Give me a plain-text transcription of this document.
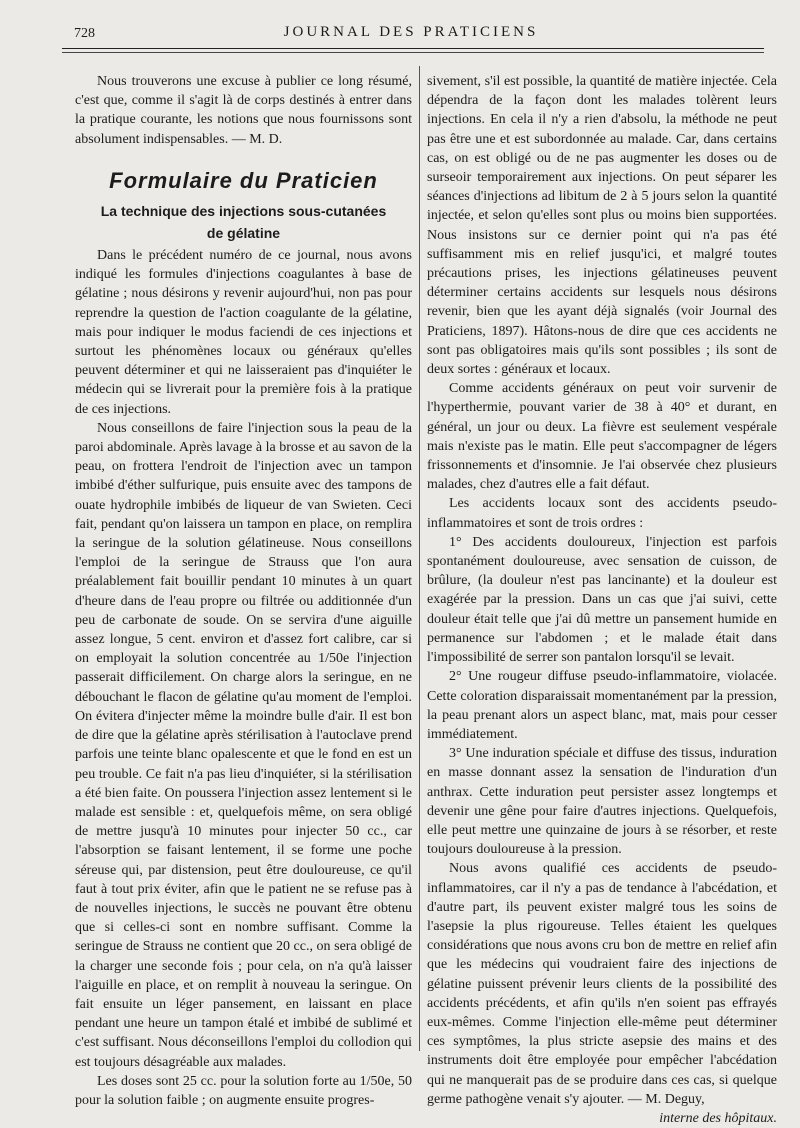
728	JOURNAL DES PRATICIENS

Nous trouverons une excuse à publier ce long résumé, c'est que, comme il s'agit là de corps destinés à entrer dans la pratique courante, les notions que nous fournissons sont absolument indispensables. — M. D.

Formulaire du Praticien
La technique des injections sous-cutanées
de gélatine

Dans le précédent numéro de ce journal, nous avons indiqué les formules d'injections coagulantes à base de gélatine ; nous désirons y revenir aujourd'hui, non pas pour reprendre la question de l'action coagulante de la gélatine, mais pour indiquer le modus faciendi de ces injections et surtout les phénomènes locaux ou généraux qu'elles peuvent déterminer et qui ne laisseraient pas d'inquiéter le médecin qui se livrerait pour la première fois à la pratique de ces injections.

Nous conseillons de faire l'injection sous la peau de la paroi abdominale. Après lavage à la brosse et au savon de la peau, on frottera l'endroit de l'injection avec un tampon imbibé d'éther sulfurique, puis ensuite avec des tampons de ouate hydrophile imbibés de liqueur de van Swieten. Ceci fait, pendant qu'on laissera un tampon en place, on remplira la seringue de la solution gélatineuse. Nous conseillons l'emploi de la seringue de Strauss que l'on aura préalablement fait bouillir pendant 10 minutes à un quart d'heure dans de l'eau propre ou filtrée ou additionnée d'un peu de carbonate de soude. On se servira d'une aiguille assez longue, 5 cent. environ et d'assez fort calibre, car si on employait la solution concentrée au 1/50e l'injection passerait difficilement. On charge alors la seringue, en ne débouchant le flacon de gélatine qu'au moment de l'emploi. On évitera d'injecter même la moindre bulle d'air. Il est bon de dire que la gélatine après stérilisation à l'autoclave prend parfois une teinte blanc opalescente et que le fond en est un peu trouble. Ce fait n'a pas lieu d'inquiéter, si la stérilisation a été bien faite. On poussera l'injection assez lentement si le malade est sensible : et, quelquefois même, on sera obligé de mettre jusqu'à 10 minutes pour injecter 50 cc., car l'absorption se faisant lentement, il se forme une poche séreuse qui, par distension, peut être douloureuse, ce qu'il faut à tout prix éviter, afin que le patient ne se refuse pas à de nouvelles injections, le succès ne pouvant être obtenu que si celles-ci sont en nombre suffisant. Comme la seringue de Strauss ne contient que 20 cc., on sera obligé de la charger une seconde fois ; pour cela, on n'a qu'à laisser l'aiguille en place, et on remplit à nouveau la seringue. On fait ensuite un léger pansement, en laissant en place pendant une heure un tampon étalé et imbibé de sublimé et c'est suffisant. Nous déconseillons l'emploi du collodion qui est toujours désagréable aux malades.

Les doses sont 25 cc. pour la solution forte au 1/50e, 50 pour la solution faible ; on augmente ensuite progres-

sivement, s'il est possible, la quantité de matière injectée. Cela dépendra de la façon dont les malades tolèrent leurs injections. En cela il n'y a rien d'absolu, la méthode ne peut pas être une et est subordonnée au malade. Car, dans certains cas, on est obligé ou de ne pas augmenter les doses ou de surseoir temporairement aux injections. On peut séparer les séances d'injections ad libitum de 2 à 5 jours selon la quantité injectée, et selon qu'elles sont plus ou moins bien supportées. Nous insistons sur ce dernier point qui n'a pas été suffisamment mis en relief jusqu'ici, et malgré toutes précautions prises, les injections gélatineuses peuvent déterminer certains accidents sur lesquels nous désirons revenir, bien que les ayant déjà signalés (voir Journal des Praticiens, 1897). Hâtons-nous de dire que ces accidents ne sont pas obligatoires mais qu'ils sont possibles ; ils sont de deux sortes : généraux et locaux.

Comme accidents généraux on peut voir survenir de l'hyperthermie, pouvant varier de 38 à 40° et durant, en général, un jour ou deux. La fièvre est seulement vespérale mais n'existe pas le matin. Elle peut s'accompagner de légers frissonnements et d'insomnie. Je l'ai observée chez plusieurs malades, chez d'autres elle a fait défaut.

Les accidents locaux sont des accidents pseudo-inflammatoires et sont de trois ordres :

1° Des accidents douloureux, l'injection est parfois spontanément douloureuse, avec sensation de cuisson, de brûlure, (la douleur n'est pas lancinante) et la douleur est exagérée par la pression. Dans un cas que j'ai suivi, cette douleur était telle que j'ai dû mettre un pansement humide en permanence sur l'abdomen ; et le malade était dans l'impossibilité de serrer son pantalon lorsqu'il se levait.

2° Une rougeur diffuse pseudo-inflammatoire, violacée. Cette coloration disparaissait momentanément par la pression, la peau prenant alors un aspect blanc, mat, mais pour cesser immédiatement.

3° Une induration spéciale et diffuse des tissus, induration en masse donnant assez la sensation de l'induration d'un anthrax. Cette induration peut persister assez longtemps et devenir une gêne pour faire d'autres injections. Quelquefois, elle peut mettre une quinzaine de jours à se résorber, et reste toujours douloureuse à la pression.

Nous avons qualifié ces accidents de pseudo-inflammatoires, car il n'y a pas de tendance à l'abcédation, et d'autre part, ils peuvent exister malgré tous les soins de l'asepsie la plus rigoureuse. Telles étaient les quelques considérations que nous avons cru bon de mettre en relief afin que les médecins qui voudraient faire des injections de gélatine puissent prévenir leurs clients de la possibilité des accidents précédents, et afin qu'ils n'en soient pas effrayés eux-mêmes. Comme l'injection elle-même peut déterminer ces symptômes, la plus stricte asepsie des mains et des instruments doit être employée pour empêcher l'abcédation qui ne manquerait pas de se produire dans ces cas, si quelque germe pathogène venait s'y ajouter. — M. Deguy,

interne des hôpitaux.
